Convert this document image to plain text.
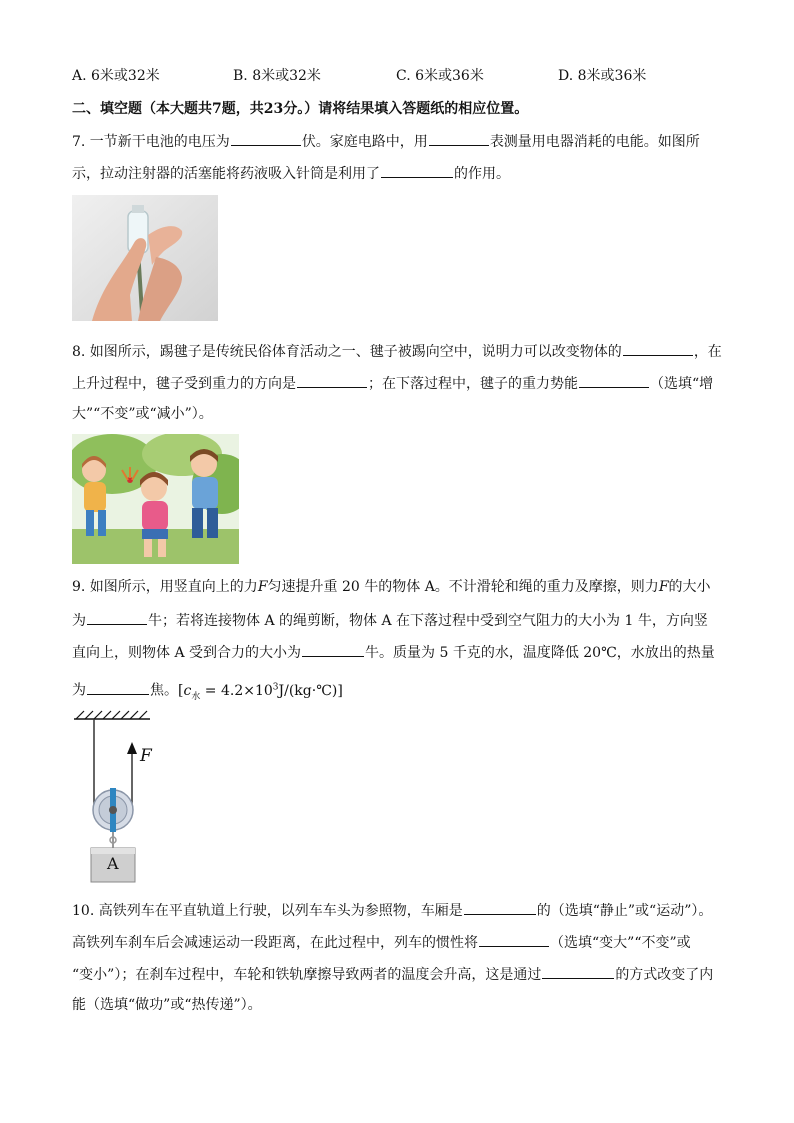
A. 6米或32米	B. 8米或32米	C. 6米或36米	D. 8米或36米
二、填空题（本大题共7题，共23分。）请将结果填入答题纸的相应位置。
7. 一节新干电池的电压为	伏。家庭电路中，用	表测量用电器消耗的电能。如图所
示，拉动注射器的活塞能将药液吸入针筒是利用了	的作用。
8. 如图所示，踢毽子是传统民俗体育活动之一、毽子被踢向空中，说明力可以改变物体的	，在
上升过程中，毽子受到重力的方向是	；在下落过程中，毽子的重力势能	（选填“增
大”“不变”或“减小”）。
9. 如图所示，用竖直向上的力F匀速提升重 20 牛的物体 A。不计滑轮和绳的重力及摩擦，则力F的大小
为	牛；若将连接物体 A 的绳剪断，物体 A 在下落过程中受到空气阻力的大小为 1 牛，方向竖
直向上，则物体 A 受到合力的大小为	牛。质量为 5 千克的水，温度降低 20℃，水放出的热量
为	焦。[$c_水$ = $4.2\times 10^3J/(kg\cdot℃)$]
F
A
10. 高铁列车在平直轨道上行驶，以列车车头为参照物，车厢是	的（选填“静止”或“运动”）。
高铁列车刹车后会减速运动一段距离，在此过程中，列车的惯性将	（选填“变大”“不变”或
“变小”）；在刹车过程中，车轮和铁轨摩擦导致两者的温度会升高，这是通过	的方式改变了内
能（选填“做功”或“热传递”）。
